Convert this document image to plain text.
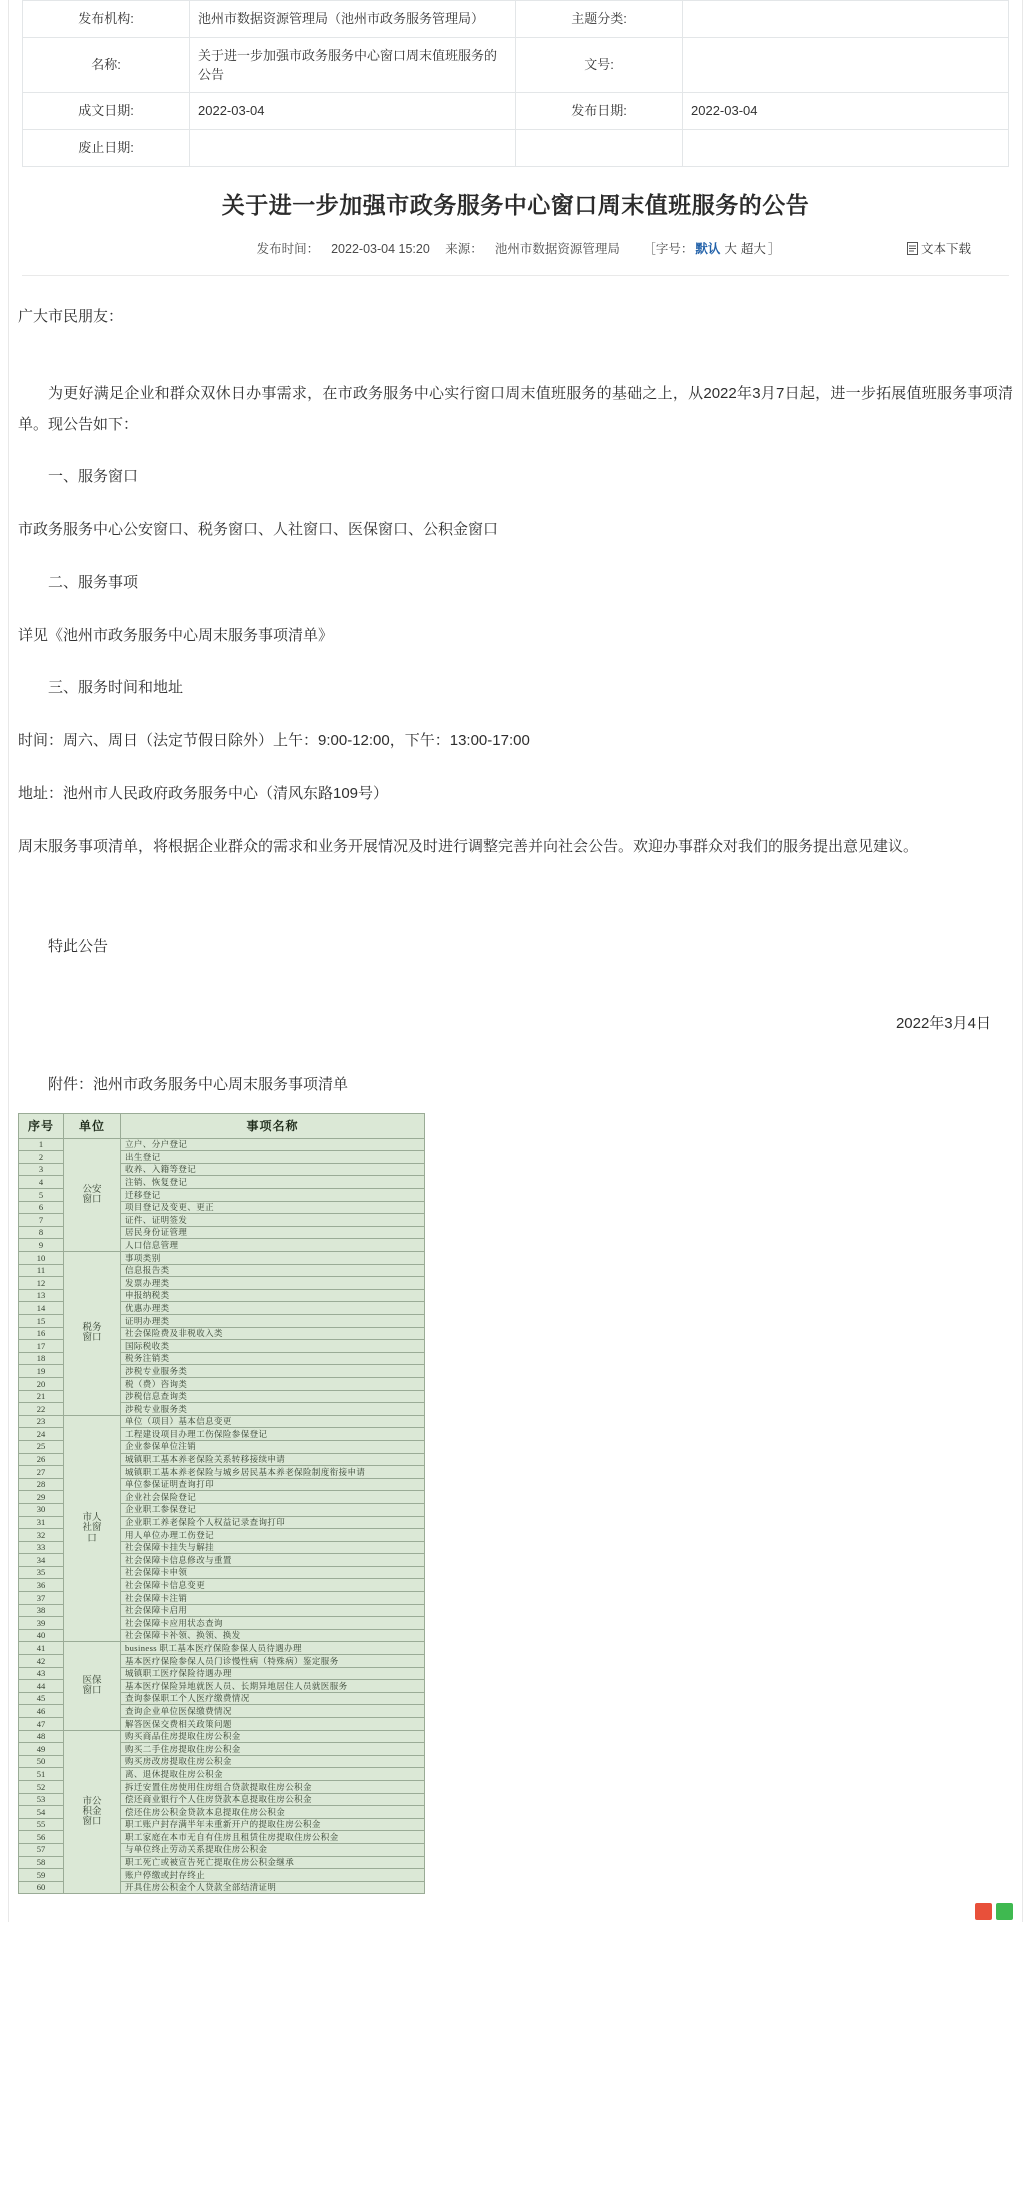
发布机构:	池州市数据资源管理局（池州市政务服务管理局）	主题分类:	
名称:	关于进一步加强市政务服务中心窗口周末值班服务的公告	文号:	
成文日期:	2022-03-04	发布日期:	2022-03-04
废止日期:			
关于进一步加强市政务服务中心窗口周末值班服务的公告
发布时间： 2022-03-04 15:20 来源： 池州市数据资源管理局 ［字号： 默认 大 超大 ］	文本下载

广大市民朋友：

为更好满足企业和群众双休日办事需求，在市政务服务中心实行窗口周末值班服务的基础之上，从2022年3月7日起，进一步拓展值班服务事项清单。现公告如下：

一、服务窗口

市政务服务中心公安窗口、税务窗口、人社窗口、医保窗口、公积金窗口

二、服务事项

详见《池州市政务服务中心周末服务事项清单》

三、服务时间和地址

时间：周六、周日（法定节假日除外）上午：9:00-12:00，下午：13:00-17:00

地址：池州市人民政府政务服务中心（清风东路109号）

周末服务事项清单，将根据企业群众的需求和业务开展情况及时进行调整完善并向社会公告。欢迎办事群众对我们的服务提出意见建议。

特此公告

2022年3月4日

附件：池州市政务服务中心周末服务事项清单

序号	单位	事项名称
1	公安窗口	立户、分户登记
2		出生登记
3		收养、入籍等登记
4		注销、恢复登记
5		迁移登记
6		项目登记及变更、更正
7		证件、证明签发
8		居民身份证管理
9		人口信息管理
10	税务窗口	事项类别
11		信息报告类
12		发票办理类
13		申报纳税类
14		优惠办理类
15		证明办理类
16		社会保险费及非税收入类
17		国际税收类
18		税务注销类
19		涉税专业服务类
20		税（费）咨询类
21		涉税信息查询类
22		涉税专业服务类
23	市人社窗口	单位（项目）基本信息变更
24		工程建设项目办理工伤保险参保登记
25		企业参保单位注销
26		城镇职工基本养老保险关系转移接续申请
27		城镇职工基本养老保险与城乡居民基本养老保险制度衔接申请
28		单位参保证明查询打印
29		企业社会保险登记
30		企业职工参保登记
31		企业职工养老保险个人权益记录查询打印
32		用人单位办理工伤登记
33		社会保障卡挂失与解挂
34		社会保障卡信息修改与重置
35		社会保障卡申领
36		社会保障卡信息变更
37		社会保障卡注销
38		社会保障卡启用
39		社会保障卡应用状态查询
40		社会保障卡补领、换领、换发
41	医保窗口	business 职工基本医疗保险参保人员待遇办理
42		基本医疗保险参保人员门诊慢性病（特殊病）鉴定服务
43		城镇职工医疗保险待遇办理
44		基本医疗保险异地就医人员、长期异地居住人员就医服务
45		查询参保职工个人医疗缴费情况
46		查询企业单位医保缴费情况
47		解答医保交费相关政策问题
48	市公积金窗口	购买商品住房提取住房公积金
49		购买二手住房提取住房公积金
50		购买房改房提取住房公积金
51		离、退休提取住房公积金
52		拆迁安置住房使用住房组合贷款提取住房公积金
53		偿还商业银行个人住房贷款本息提取住房公积金
54		偿还住房公积金贷款本息提取住房公积金
55		职工账户封存满半年未重新开户的提取住房公积金
56		职工家庭在本市无自有住房且租赁住房提取住房公积金
57		与单位终止劳动关系提取住房公积金
58		职工死亡或被宣告死亡提取住房公积金继承
59		账户停缴或封存终止
60		开具住房公积金个人贷款全部结清证明
